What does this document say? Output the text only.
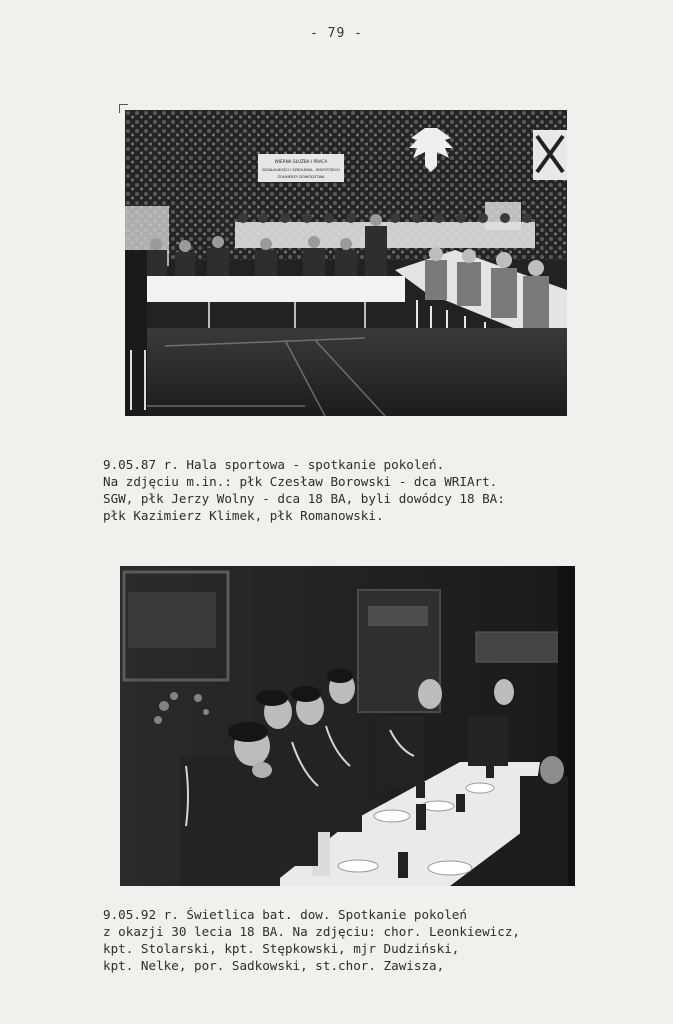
- 79 -
WIERNA SŁUŻBA I PRACA
DZIAŁALNOŚCI I SZKOLENIA - WSZYSTKICH
ŻOŁNIERZY DOWÓDZTWA
9.05.87 r. Hala sportowa - spotkanie pokoleń.
Na zdjęciu m.in.: płk Czesław Borowski - dca WRIArt.
SGW, płk Jerzy Wolny - dca 18 BA, byli dowódcy 18 BA:
płk Kazimierz Klimek, płk Romanowski.
9.05.92 r. Świetlica bat. dow. Spotkanie pokoleń
z okazji 30 lecia 18 BA. Na zdjęciu: chor. Leonkiewicz,
kpt. Stolarski, kpt. Stępkowski, mjr Dudziński,
kpt. Nelke, por. Sadkowski, st.chor. Zawisza,
